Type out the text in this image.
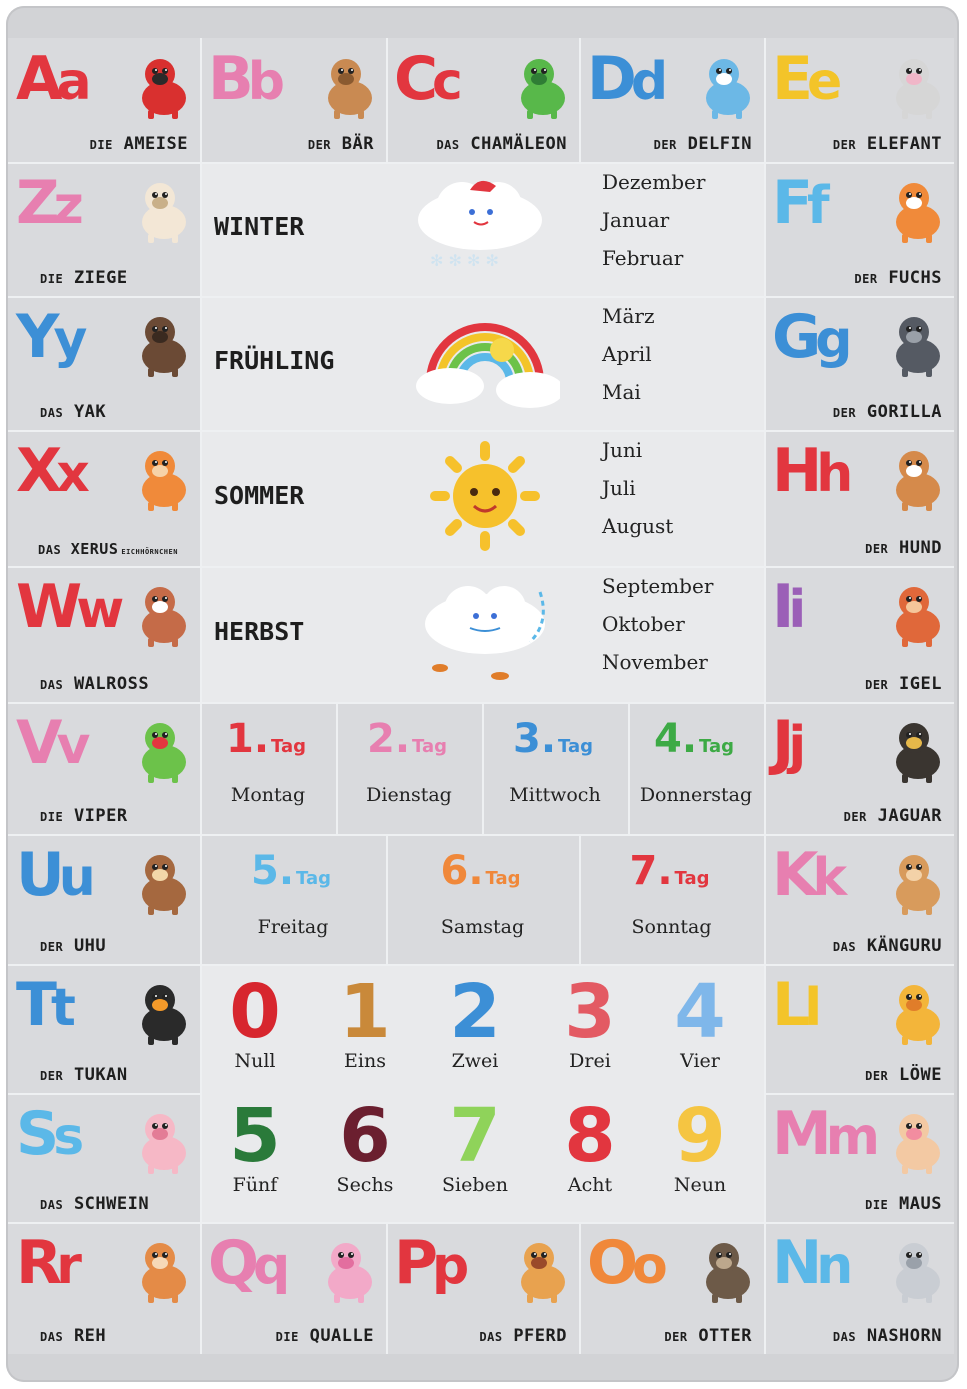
Aa
DIE AMEISE
Bb
DER BÄR
Cc
DAS CHAMÄLEON
Dd
DER DELFIN
Ee
DER ELEFANT
Zz
DIE ZIEGE
Yy
DAS YAK
Xx
DAS XERUS EICHHÖRNCHEN
Ww
DAS WALROSS
Vv
DIE VIPER
Uu
DER UHU
Tt
DER TUKAN
Ss
DAS SCHWEIN
Rr
DAS REH
Ff
DER FUCHS
Gg
DER GORILLA
Hh
DER HUND
Ii
DER IGEL
Jj
DER JAGUAR
Kk
DAS KÄNGURU
Ll
DER LÖWE
Mm
DIE MAUS
Nn
DAS NASHORN
Qq
DIE QUALLE
Pp
DAS PFERD
Oo
DER OTTER
WINTER
✻ ✻ ✻ ✻
Dezember
Januar
Februar
FRÜHLING
März
April
Mai
SOMMER
Juni
Juli
August
HERBST
September
Oktober
November
1. Tag
Montag
2. Tag
Dienstag
3. Tag
Mittwoch
4. Tag
Donnerstag
5. Tag
Freitag
6. Tag
Samstag
7. Tag
Sonntag
0
Null
1
Eins
2
Zwei
3
Drei
4
Vier
5
Fünf
6
Sechs
7
Sieben
8
Acht
9
Neun
